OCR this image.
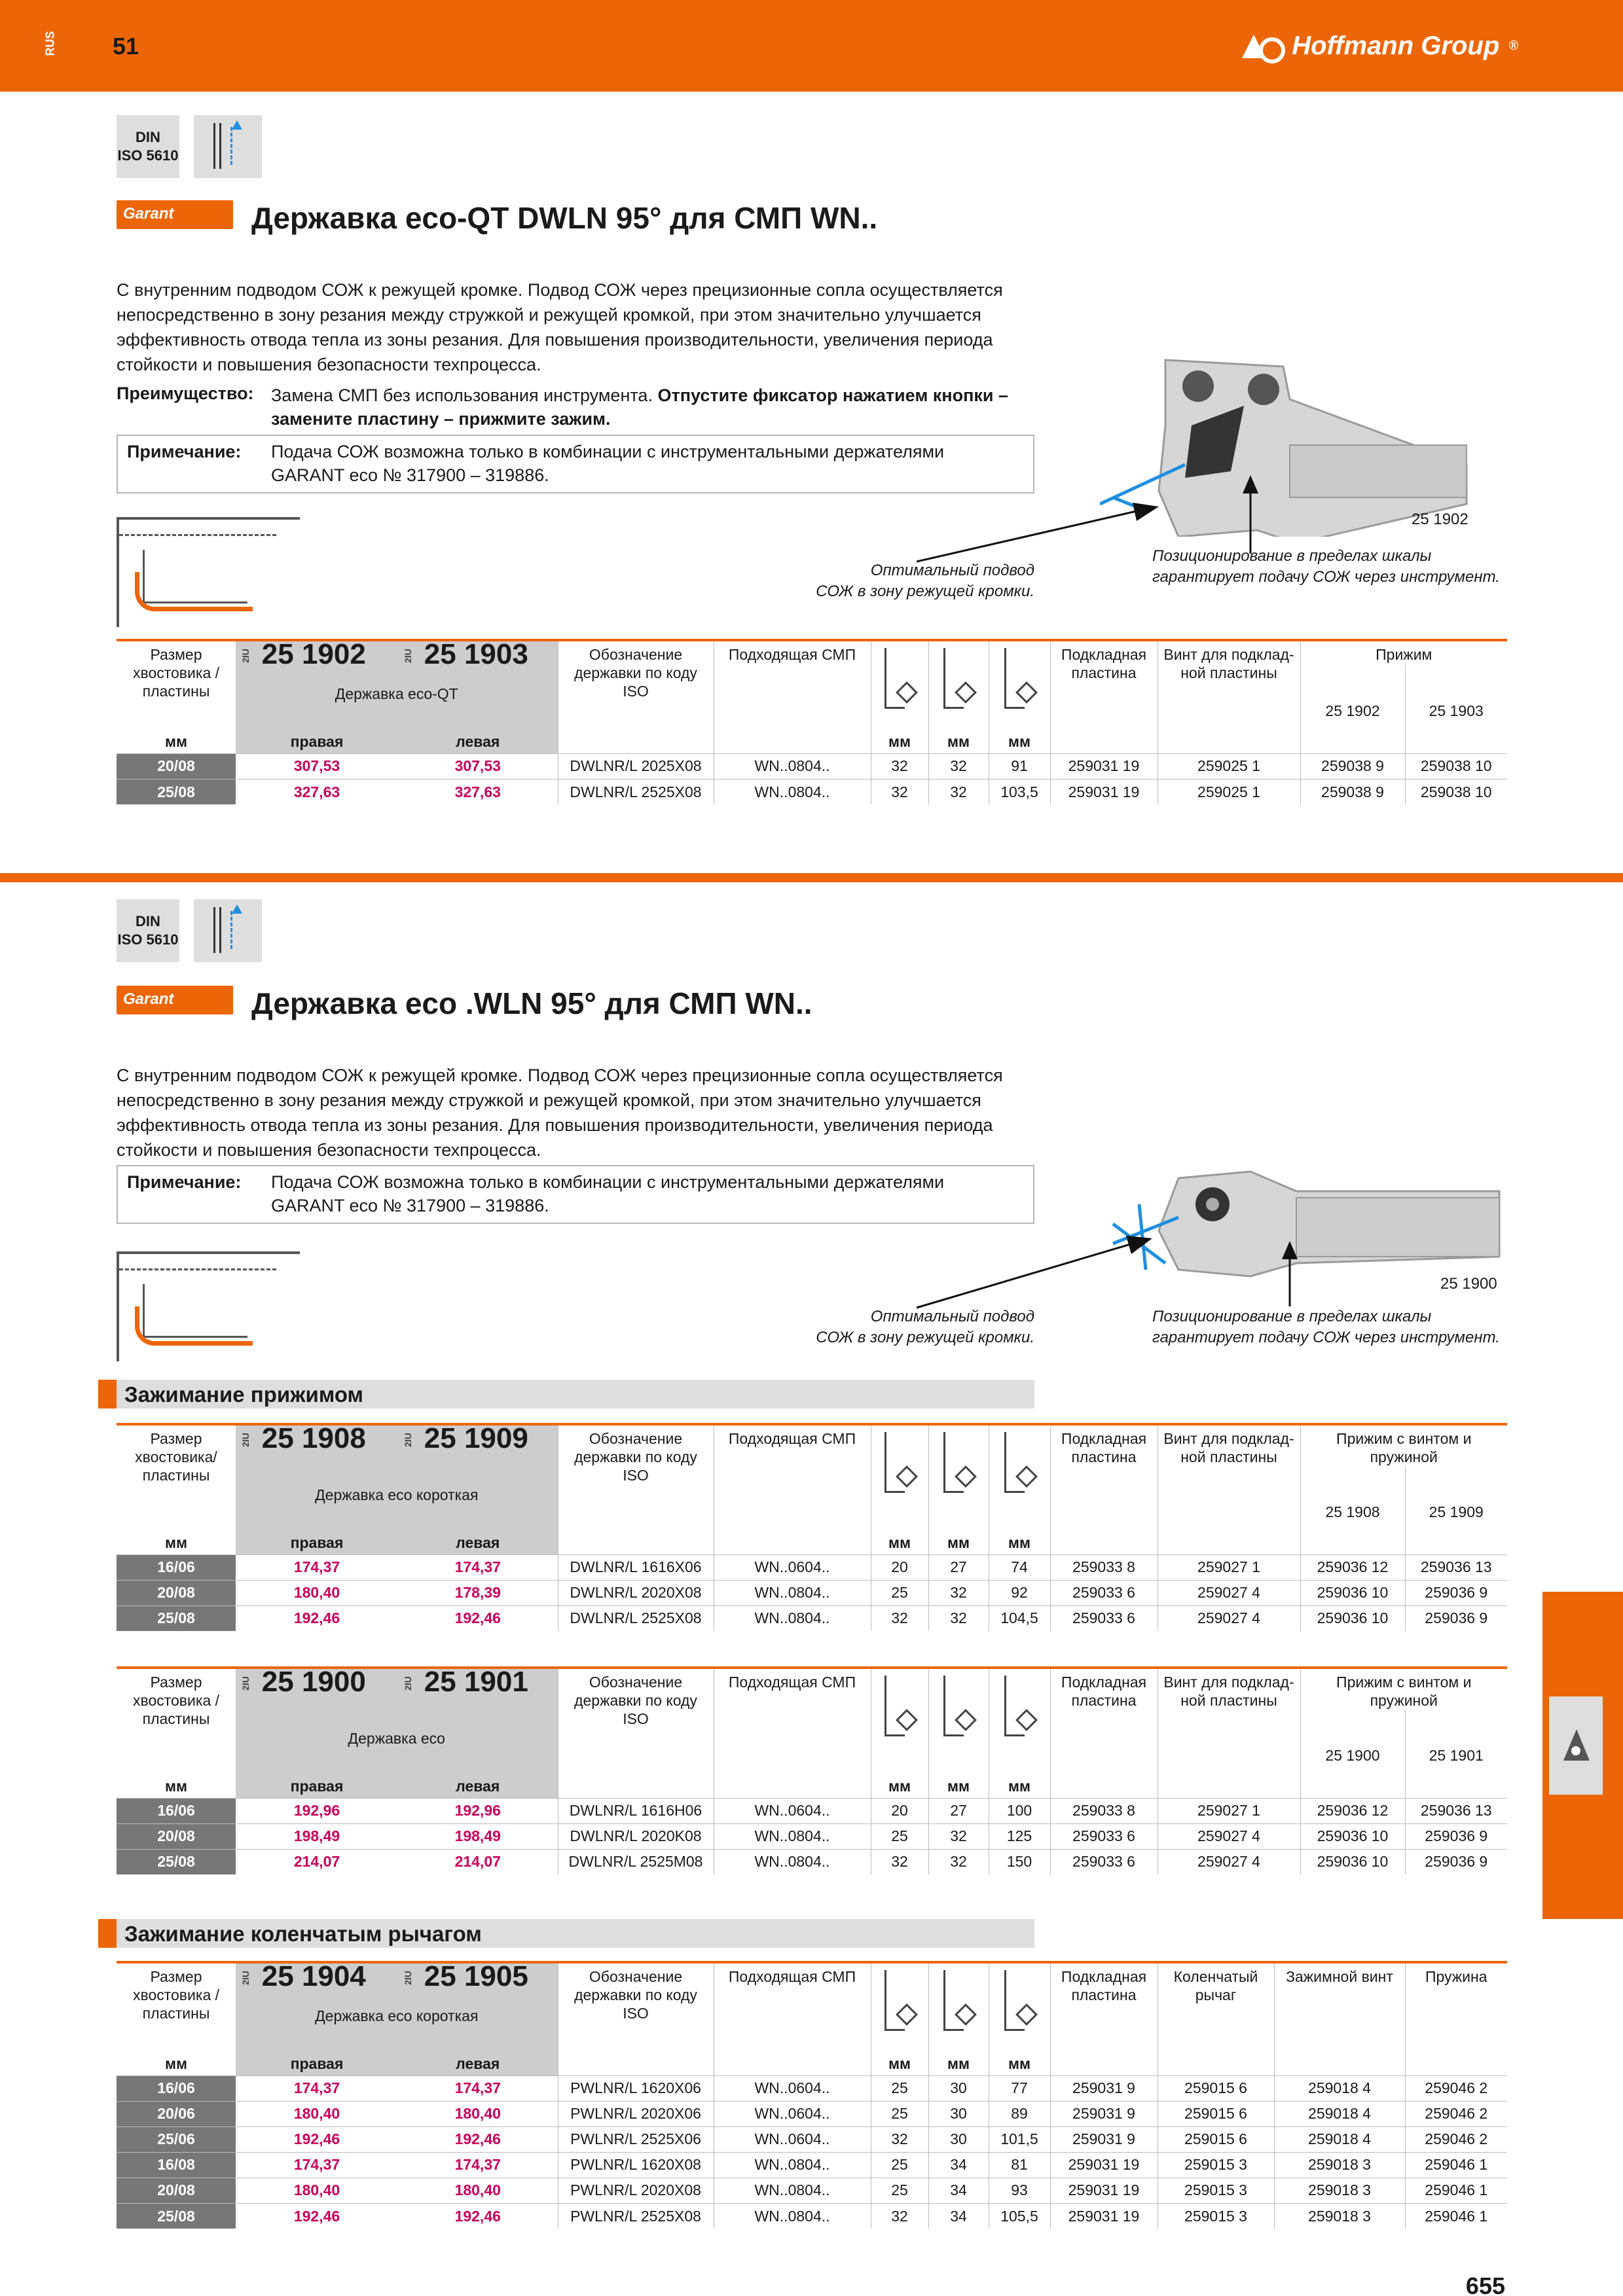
RUS 51	Hoffmann Group ®
DIN
ISO 5610
Garant	Державка eco-QT DWLN 95° для СМП WN..
С внутренним подводом СОЖ к режущей кромке. Подвод СОЖ через прецизионные сопла осуществляется непосредственно в зону резания между стружкой и режущей кромкой, при этом значительно улучшается эффективность отвода тепла из зоны резания. Для повышения производительности, увеличения периода стойкости и повышения безопасности техпроцесса.
Преимущество: Замена СМП без использования инструмента. Отпустите фиксатор нажатием кнопки –
замените пластину – прижмите зажим.
Примечание: Подача СОЖ возможна только в комбинации с инструментальными держателями
GARANT eco № 317900 – 319886.
25 1902
Оптимальный подвод
СОЖ в зону режущей кромки.
Позиционирование в пределах шкалы
гарантирует подачу СОЖ через инструмент.
Размер хвостовика / пластины	2IU 25 1902	2IU 25 1903	Обозначение державки по коду ISO	Подходящая СМП				Подкладная пластина	Винт для подклад-ной пластины	Прижим	
	Державка eco-QT									25 1902	25 1903
мм	правая	левая			мм	мм	мм				
20/08	307,53	307,53	DWLNR/L 2025X08	WN..0804..	32	32	91	259031 19	259025 1	259038 9	259038 10
25/08	327,63	327,63	DWLNR/L 2525X08	WN..0804..	32	32	103,5	259031 19	259025 1	259038 9	259038 10
DIN
ISO 5610
Garant	Державка eco .WLN 95° для СМП WN..
С внутренним подводом СОЖ к режущей кромке. Подвод СОЖ через прецизионные сопла осуществляется непосредственно в зону резания между стружкой и режущей кромкой, при этом значительно улучшается эффективность отвода тепла из зоны резания. Для повышения производительности, увеличения периода стойкости и повышения безопасности техпроцесса.
Примечание: Подача СОЖ возможна только в комбинации с инструментальными держателями
GARANT eco № 317900 – 319886.
25 1900
Оптимальный подвод
СОЖ в зону режущей кромки.
Позиционирование в пределах шкалы
гарантирует подачу СОЖ через инструмент.
Зажимание прижимом
Размер хвостовика/ пластины	2IU 25 1908	2IU 25 1909	Обозначение державки по коду ISO	Подходящая СМП				Подкладная пластина	Винт для подклад-ной пластины	Прижим с винтом и пружиной	
	Державка eco короткая									25 1908	25 1909
мм	правая	левая			мм	мм	мм				
16/06	174,37	174,37	DWLNR/L 1616X06	WN..0604..	20	27	74	259033 8	259027 1	259036 12	259036 13
20/08	180,40	178,39	DWLNR/L 2020X08	WN..0804..	25	32	92	259033 6	259027 4	259036 10	259036 9
25/08	192,46	192,46	DWLNR/L 2525X08	WN..0804..	32	32	104,5	259033 6	259027 4	259036 10	259036 9
Размер хвостовика / пластины	2IU 25 1900	2IU 25 1901	Обозначение державки по коду ISO	Подходящая СМП				Подкладная пластина	Винт для подклад-ной пластины	Прижим с винтом и пружиной	
	Державка eco									25 1900	25 1901
мм	правая	левая			мм	мм	мм				
16/06	192,96	192,96	DWLNR/L 1616H06	WN..0604..	20	27	100	259033 8	259027 1	259036 12	259036 13
20/08	198,49	198,49	DWLNR/L 2020K08	WN..0804..	25	32	125	259033 6	259027 4	259036 10	259036 9
25/08	214,07	214,07	DWLNR/L 2525M08	WN..0804..	32	32	150	259033 6	259027 4	259036 10	259036 9
Зажимание коленчатым рычагом
Размер хвостовика / пластины	2IU 25 1904	2IU 25 1905	Обозначение державки по коду ISO	Подходящая СМП				Подкладная пластина	Коленчатый рычаг	Зажимной винт	Пружина
	Державка eco короткая										
мм	правая	левая			мм	мм	мм				
16/06	174,37	174,37	PWLNR/L 1620X06	WN..0604..	25	30	77	259031 9	259015 6	259018 4	259046 2
20/06	180,40	180,40	PWLNR/L 2020X06	WN..0604..	25	30	89	259031 9	259015 6	259018 4	259046 2
25/06	192,46	192,46	PWLNR/L 2525X06	WN..0604..	32	30	101,5	259031 9	259015 6	259018 4	259046 2
16/08	174,37	174,37	PWLNR/L 1620X08	WN..0804..	25	34	81	259031 19	259015 3	259018 3	259046 1
20/08	180,40	180,40	PWLNR/L 2020X08	WN..0804..	25	34	93	259031 19	259015 3	259018 3	259046 1
25/08	192,46	192,46	PWLNR/L 2525X08	WN..0804..	32	34	105,5	259031 19	259015 3	259018 3	259046 1
655
